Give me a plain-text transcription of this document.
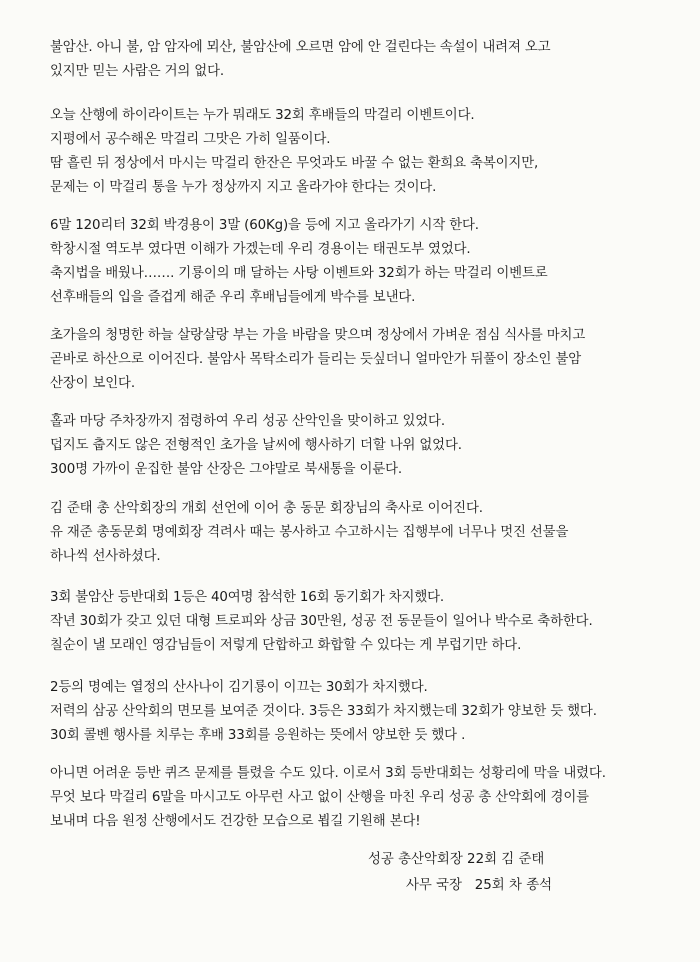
불암산. 아니 불, 암 암자에 뫼산, 불암산에 오르면 암에 안 걸린다는 속설이 내려져 오고
있지만 믿는 사람은 거의 없다.
오늘 산행에 하이라이트는 누가 뭐래도 32회 후배들의 막걸리 이벤트이다.
지평에서 공수해온 막걸리 그맛은 가히 일품이다.
땀 흘린 뒤 정상에서 마시는 막걸리 한잔은 무엇과도 바꿀 수 없는 환희요 축복이지만,
문제는 이 막걸리 통을 누가 정상까지 지고 올라가야 한다는 것이다.
6말 120리터 32회 박경용이 3말 (60Kg)을 등에 지고 올라가기 시작 한다.
학창시절 역도부 였다면 이해가 가겠는데 우리 경용이는 태권도부 였었다.
축지법을 배웠나……. 기룡이의 매 달하는 사탕 이벤트와 32회가 하는 막걸리 이벤트로
선후배들의 입을 즐겁게 해준 우리 후배님들에게 박수를 보낸다.
초가을의 청명한 하늘 살랑살랑 부는 가을 바람을 맞으며 정상에서 가벼운 점심 식사를 마치고
곧바로 하산으로 이어진다. 불암사 목탁소리가 들리는 듯싶더니 얼마안가 뒤풀이 장소인 불암
산장이 보인다.
홀과 마당 주차장까지 점령하여 우리 성공 산악인을 맞이하고 있었다.
덥지도 춥지도 않은 전형적인 초가을 날씨에 행사하기 더할 나위 없었다.
300명 가까이 운집한 불암 산장은 그야말로 북새통을 이룬다.
김 준태 총 산악회장의 개회 선언에 이어 총 동문 회장님의 축사로 이어진다.
유 재준 총동문회 명예회장 격려사 때는 봉사하고 수고하시는 집행부에 너무나 멋진 선물을
하나씩 선사하셨다.
3회 불암산 등반대회 1등은 40여명 참석한 16회 동기회가 차지했다.
작년 30회가 갖고 있던 대형 트로피와 상금 30만원, 성공 전 동문들이 일어나 박수로 축하한다.
칠순이 낼 모래인 영감님들이 저렇게 단합하고 화합할 수 있다는 게 부럽기만 하다.
2등의 명예는 열정의 산사나이 김기룡이 이끄는 30회가 차지했다.
저력의 삼공 산악회의 면모를 보여준 것이다. 3등은 33회가 차지했는데 32회가 양보한 듯 했다.
30회 콜벤 행사를 치루는 후배 33회를 응원하는 뜻에서 양보한 듯 했다 .
아니면 어려운 등반 퀴즈 문제를 틀렸을 수도 있다. 이로서 3회 등반대회는 성황리에 막을 내렸다.
무엇 보다 막걸리 6말을 마시고도 아무런 사고 없이 산행을 마친 우리 성공 총 산악회에 경이를
보내며 다음 원정 산행에서도 건강한 모습으로 뵙길 기원해 본다!
성공 총산악회장 22회 김 준태
사무 국장   25회 차 종석
